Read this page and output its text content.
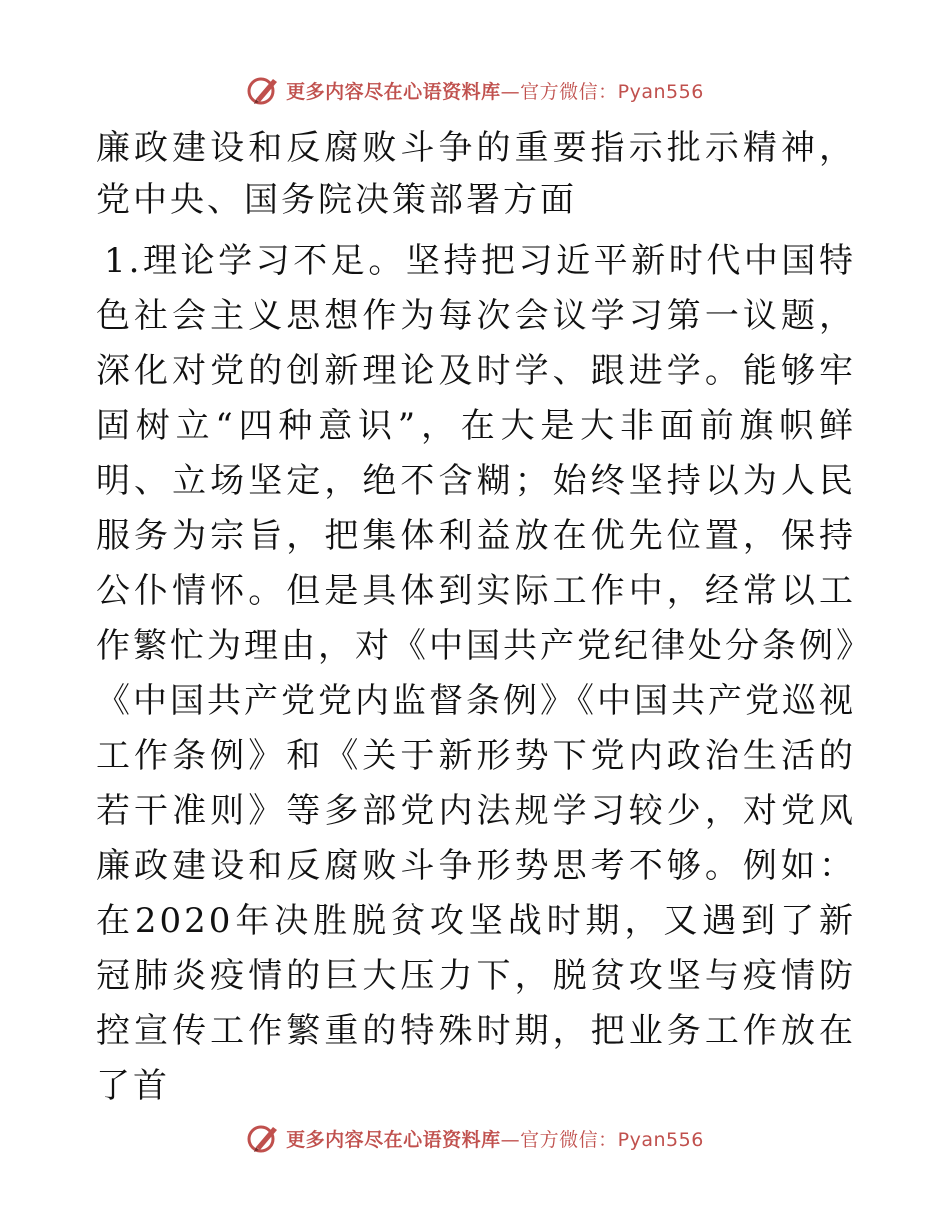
更多内容尽在心语资料库—官方微信：Pyan556

廉政建设和反腐败斗争的重要指示批示精神，党中央、国务院决策部署方面

1.理论学习不足。坚持把习近平新时代中国特色社会主义思想作为每次会议学习第一议题，深化对党的创新理论及时学、跟进学。能够牢固树立“四种意识”，在大是大非面前旗帜鲜明、立场坚定，绝不含糊；始终坚持以为人民服务为宗旨，把集体利益放在优先位置，保持公仆情怀。但是具体到实际工作中，经常以工作繁忙为理由，对《中国共产党纪律处分条例》《中国共产党党内监督条例》《中国共产党巡视工作条例》和《关于新形势下党内政治生活的若干准则》等多部党内法规学习较少，对党风廉政建设和反腐败斗争形势思考不够。例如：在2020年决胜脱贫攻坚战时期，又遇到了新冠肺炎疫情的巨大压力下，脱贫攻坚与疫情防控宣传工作繁重的特殊时期，把业务工作放在了首

更多内容尽在心语资料库—官方微信：Pyan556
